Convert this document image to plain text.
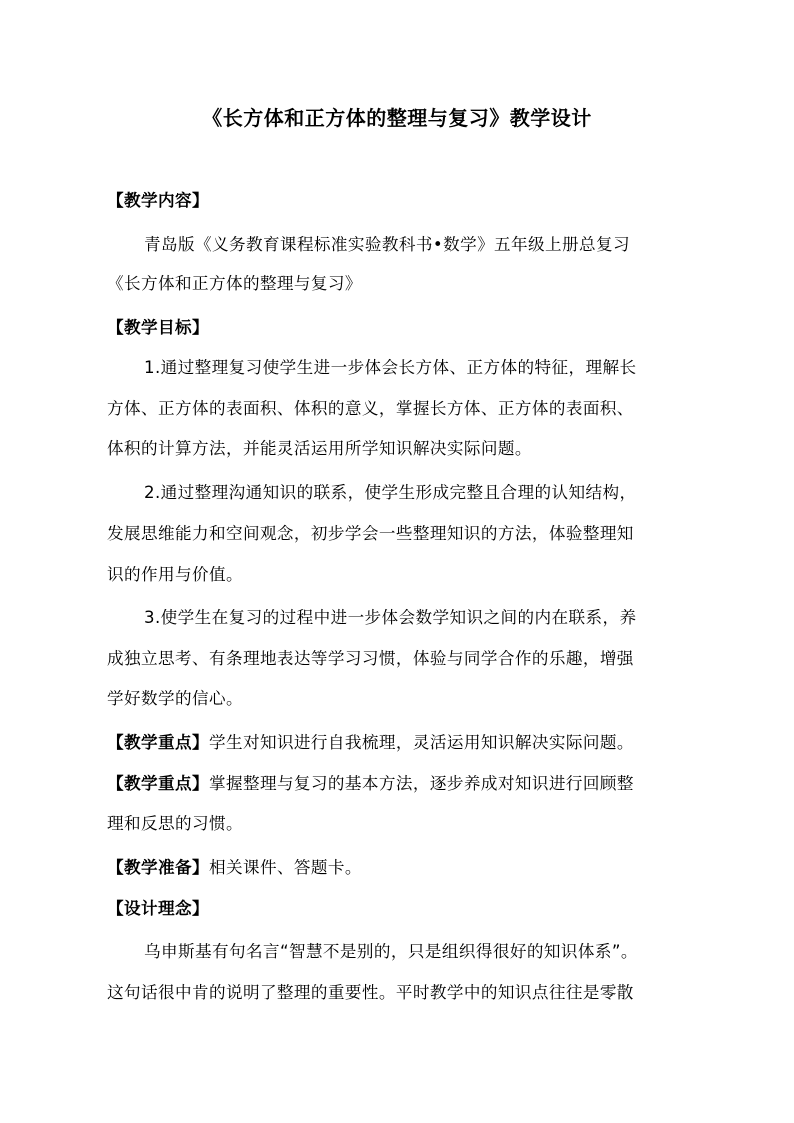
《长方体和正方体的整理与复习》教学设计
【教学内容】
青岛版《义务教育课程标准实验教科书•数学》五年级上册总复习
《长方体和正方体的整理与复习》
【教学目标】
1.通过整理复习使学生进一步体会长方体、正方体的特征，理解长
方体、正方体的表面积、体积的意义，掌握长方体、正方体的表面积、
体积的计算方法，并能灵活运用所学知识解决实际问题。
2.通过整理沟通知识的联系，使学生形成完整且合理的认知结构，
发展思维能力和空间观念，初步学会一些整理知识的方法，体验整理知
识的作用与价值。
3.使学生在复习的过程中进一步体会数学知识之间的内在联系，养
成独立思考、有条理地表达等学习习惯，体验与同学合作的乐趣，增强
学好数学的信心。
【教学重点】学生对知识进行自我梳理，灵活运用知识解决实际问题。
【教学重点】掌握整理与复习的基本方法，逐步养成对知识进行回顾整
理和反思的习惯。
【教学准备】相关课件、答题卡。
【设计理念】
乌申斯基有句名言“智慧不是别的，只是组织得很好的知识体系”。
这句话很中肯的说明了整理的重要性。平时教学中的知识点往往是零散
